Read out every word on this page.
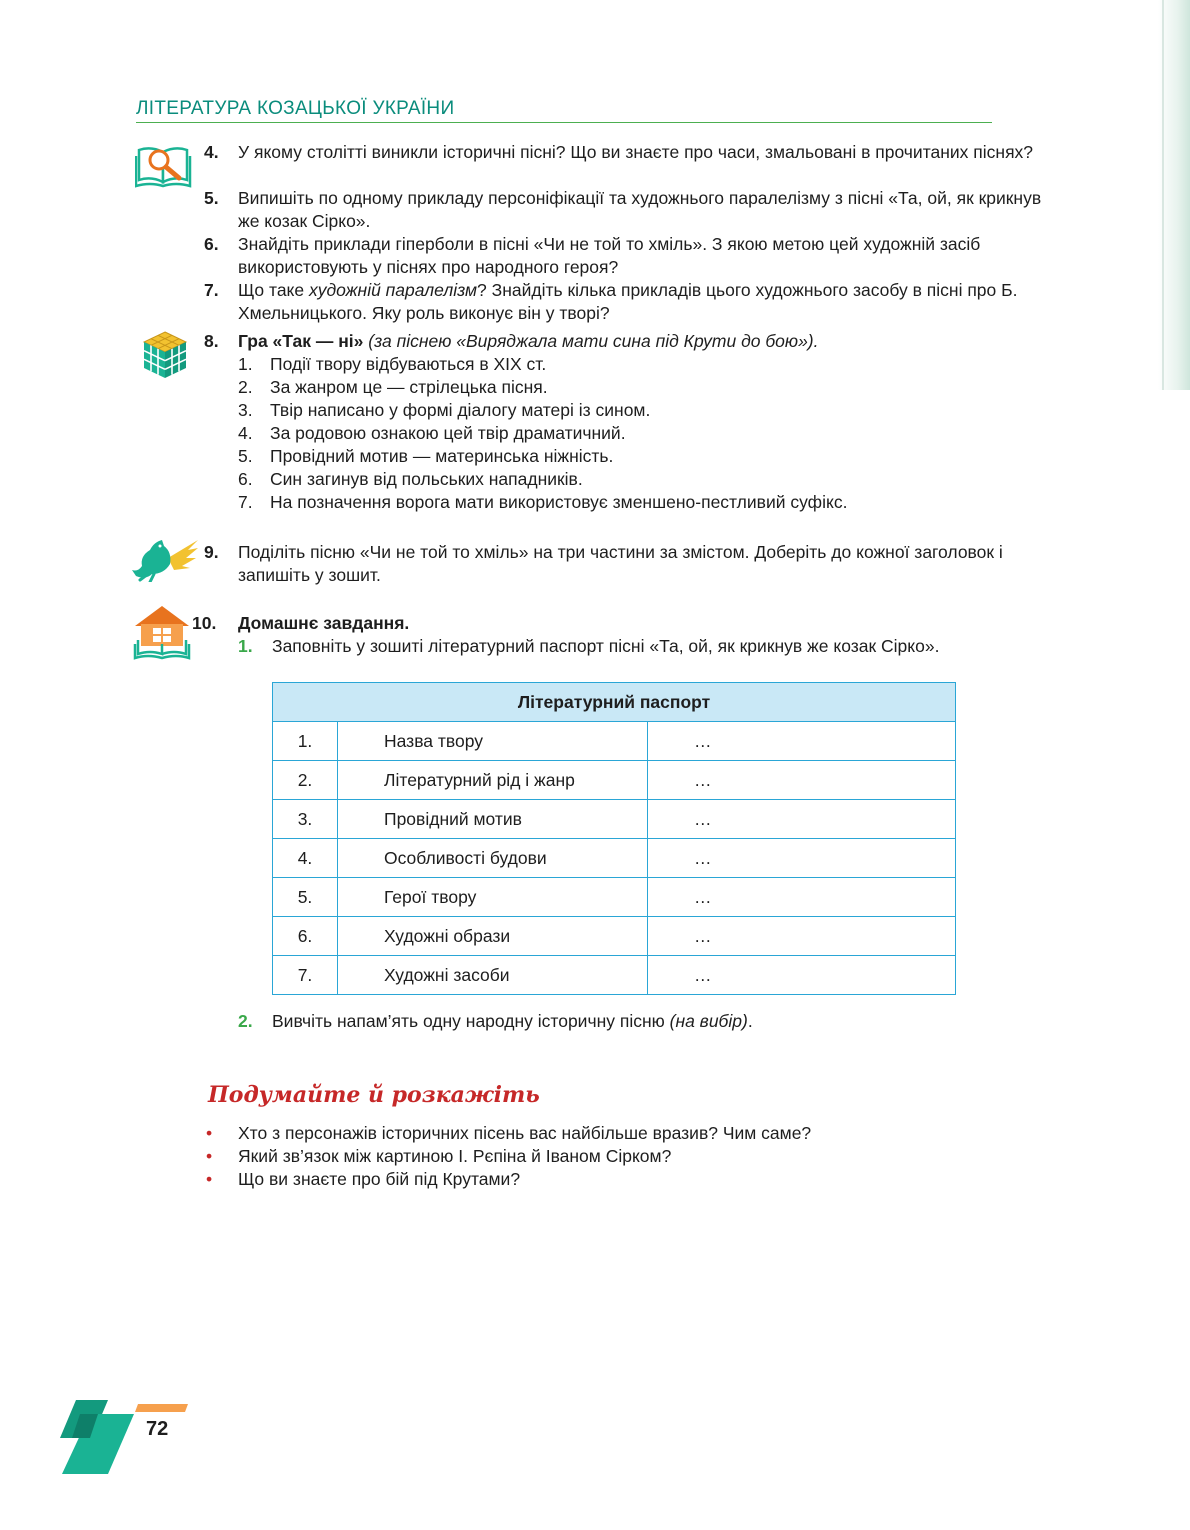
ЛІТЕРАТУРА КОЗАЦЬКОЇ УКРАЇНИ
4. У якому столітті виникли історичні пісні? Що ви знаєте про часи, змальовані в прочитаних піснях?
5. Випишіть по одному прикладу персоніфікації та художнього паралелізму з пісні «Та, ой, як крикнув же козак Сірко».
6. Знайдіть приклади гіперболи в пісні «Чи не той то хміль». З якою метою цей художній засіб використовують у піснях про народного героя?
7. Що таке художній паралелізм? Знайдіть кілька прикладів цього художнього засобу в пісні про Б. Хмельницького. Яку роль виконує він у творі?
8. Гра «Так — ні» (за піснею «Виряджала мати сина під Крути до бою»).
1. Події твору відбуваються в ХІХ ст.
2. За жанром це — стрілецька пісня.
3. Твір написано у формі діалогу матері із сином.
4. За родовою ознакою цей твір драматичний.
5. Провідний мотив — материнська ніжність.
6. Син загинув від польських нападників.
7. На позначення ворога мати використовує зменшено-пестливий суфікс.
9. Поділіть пісню «Чи не той то хміль» на три частини за змістом. Доберіть до кожної заголовок і запишіть у зошит.
10. Домашнє завдання.
1. Заповніть у зошиті літературний паспорт пісні «Та, ой, як крикнув же козак Сірко».
Літературний паспорт		
1.	Назва твору	…
2.	Літературний рід і жанр	…
3.	Провідний мотив	…
4.	Особливості будови	…
5.	Герої твору	…
6.	Художні образи	…
7.	Художні засоби	…
2. Вивчіть напам’ять одну народну історичну пісню (на вибір).
Подумайте й розкажіть
• Хто з персонажів історичних пісень вас найбільше вразив? Чим саме?
• Який зв’язок між картиною І. Рєпіна й Іваном Сірком?
• Що ви знаєте про бій під Крутами?
72
